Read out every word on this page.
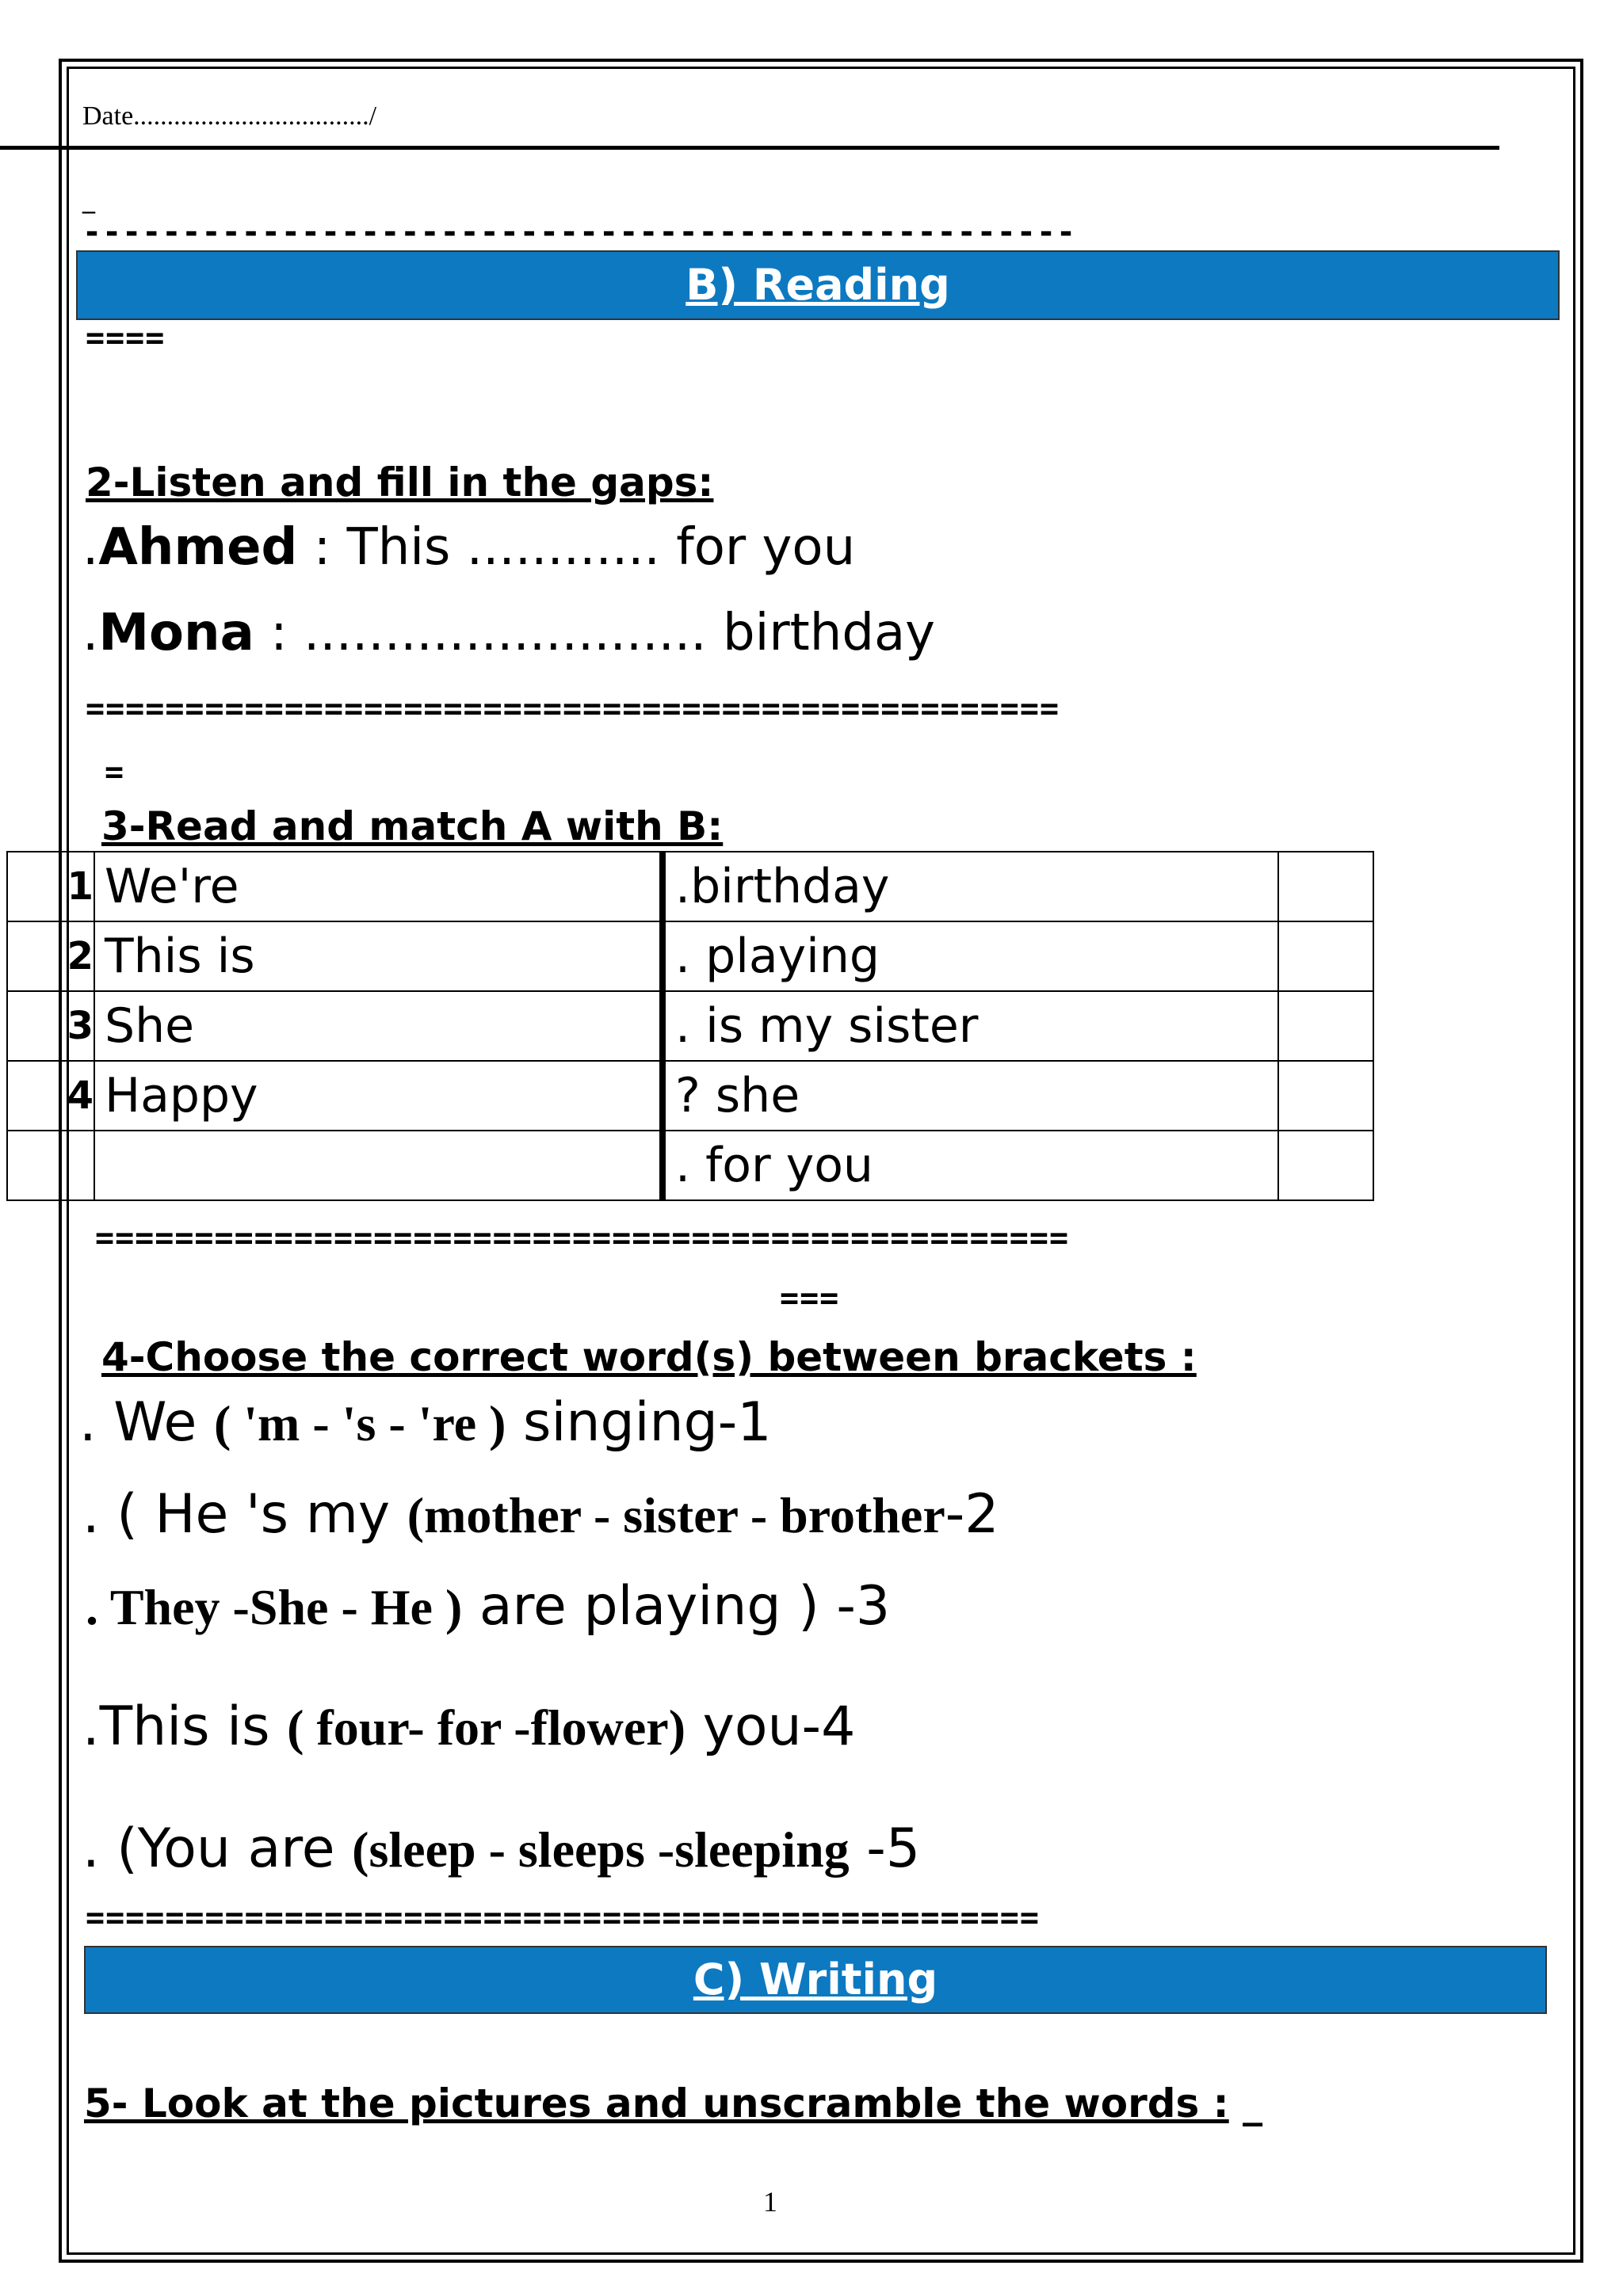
Date.................................../
_
--------------------------------------------------
B) Reading
====
2-Listen and fill in the gaps:
.Ahmed : This ............ for you
.Mona : ......................... birthday
=================================================
=
3-Read and match A with B:
1	We're	.birthday	
2	This is	. playing	
3	She	. is my sister	
4	Happy	? she	
		. for you	
=================================================
===
4-Choose the correct word(s) between brackets :
. We ( 'm - 's - 're ) singing-1
. ( He 's my (mother - sister - brother-2
. They -She - He ) are playing ) -3
.This is ( four- for -flower) you-4
. (You are (sleep - sleeps -sleeping -5
================================================
C) Writing
5- Look at the pictures and unscramble the words : _
1
